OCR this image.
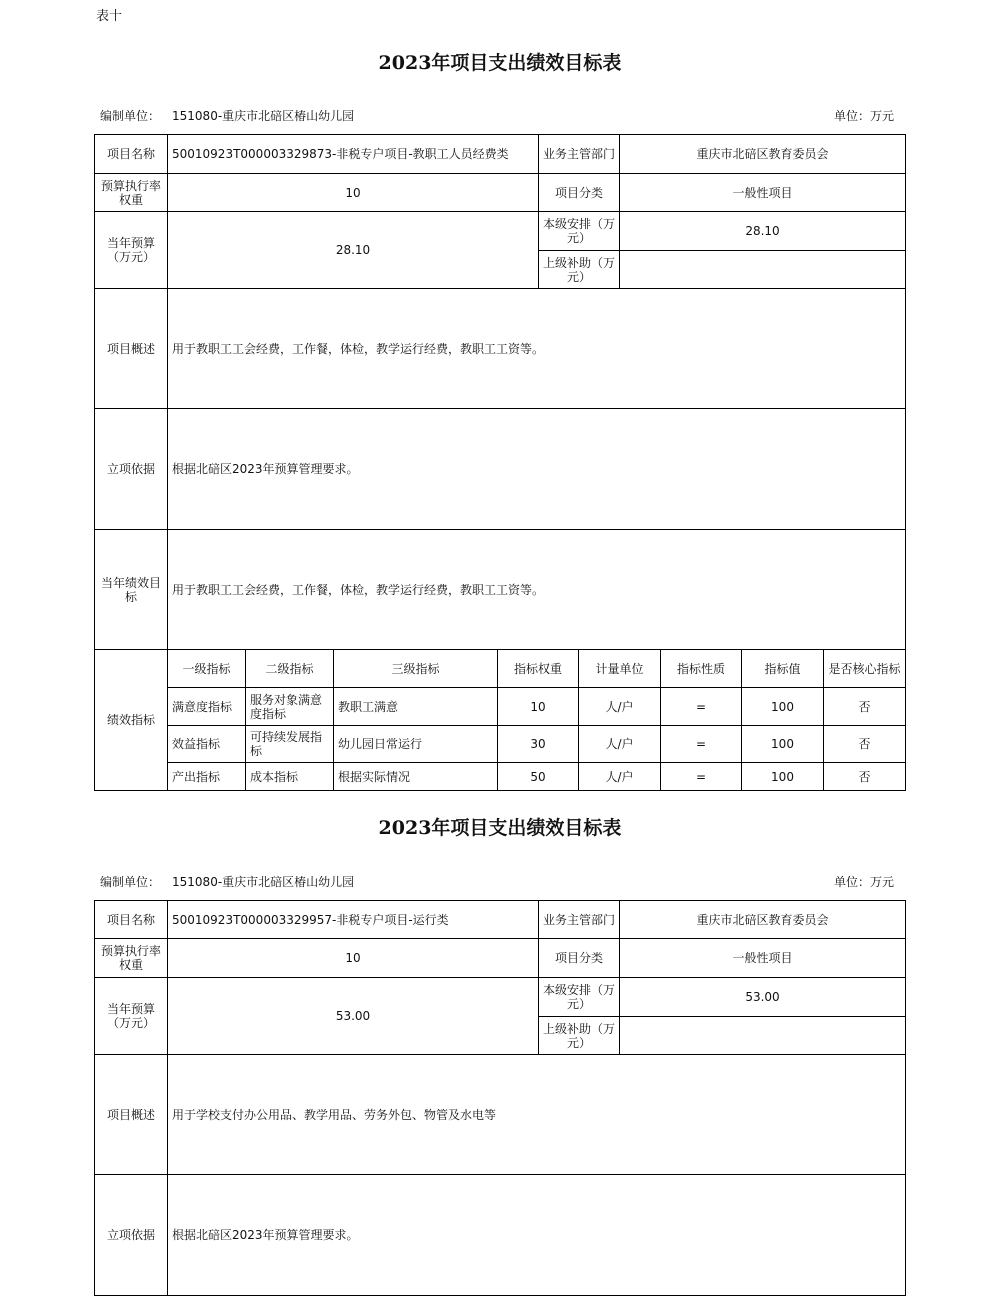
表十
2023年项目支出绩效目标表
编制单位： 151080-重庆市北碚区椿山幼儿园	单位：万元
项目名称	50010923T000003329873-非税专户项目-教职工人员经费类	业务主管部门	重庆市北碚区教育委员会
预算执行率权重	10	项目分类	一般性项目
当年预算（万元）	28.10
本级安排（万元）	28.10
上级补助（万元）
项目概述	用于教职工工会经费，工作餐，体检，教学运行经费，教职工工资等。
立项依据	根据北碚区2023年预算管理要求。
当年绩效目标	用于教职工工会经费，工作餐，体检，教学运行经费，教职工工资等。
绩效指标
一级指标	二级指标	三级指标	指标权重	计量单位	指标性质	指标值	是否核心指标
满意度指标	服务对象满意度指标	教职工满意	10	人/户	=	100	否
效益指标	可持续发展指标	幼儿园日常运行	30	人/户	=	100	否
产出指标	成本指标	根据实际情况	50	人/户	=	100	否
2023年项目支出绩效目标表
编制单位： 151080-重庆市北碚区椿山幼儿园	单位：万元
项目名称	50010923T000003329957-非税专户项目-运行类	业务主管部门	重庆市北碚区教育委员会
预算执行率权重	10	项目分类	一般性项目
当年预算（万元）	53.00
本级安排（万元）	53.00
上级补助（万元）
项目概述	用于学校支付办公用品、教学用品、劳务外包、物管及水电等
立项依据	根据北碚区2023年预算管理要求。
